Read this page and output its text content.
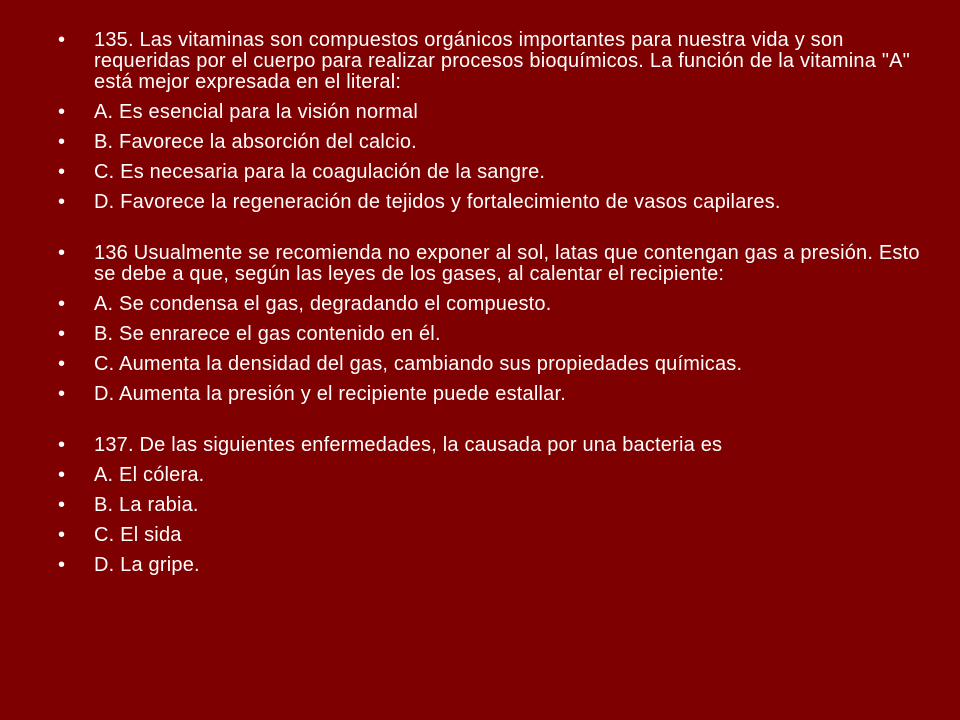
• 135. Las vitaminas son compuestos orgánicos importantes para nuestra vida y son requeridas por el cuerpo para realizar procesos bioquímicos. La función de la vitamina "A" está mejor expresada en el literal:
• A. Es esencial para la visión normal
• B. Favorece la absorción del calcio.
• C. Es necesaria para la coagulación de la sangre.
• D. Favorece la regeneración de tejidos y fortalecimiento de vasos capilares.
• 136 Usualmente se recomienda no exponer al sol, latas que contengan gas a presión. Esto se debe a que, según las leyes de los gases, al calentar el recipiente:
• A. Se condensa el gas, degradando el compuesto.
• B. Se enrarece el gas contenido en él.
• C. Aumenta la densidad del gas, cambiando sus propiedades químicas.
• D. Aumenta la presión y el recipiente puede estallar.
• 137. De las siguientes enfermedades, la causada por una bacteria es
• A. El cólera.
• B. La rabia.
• C. El sida
• D. La gripe.
